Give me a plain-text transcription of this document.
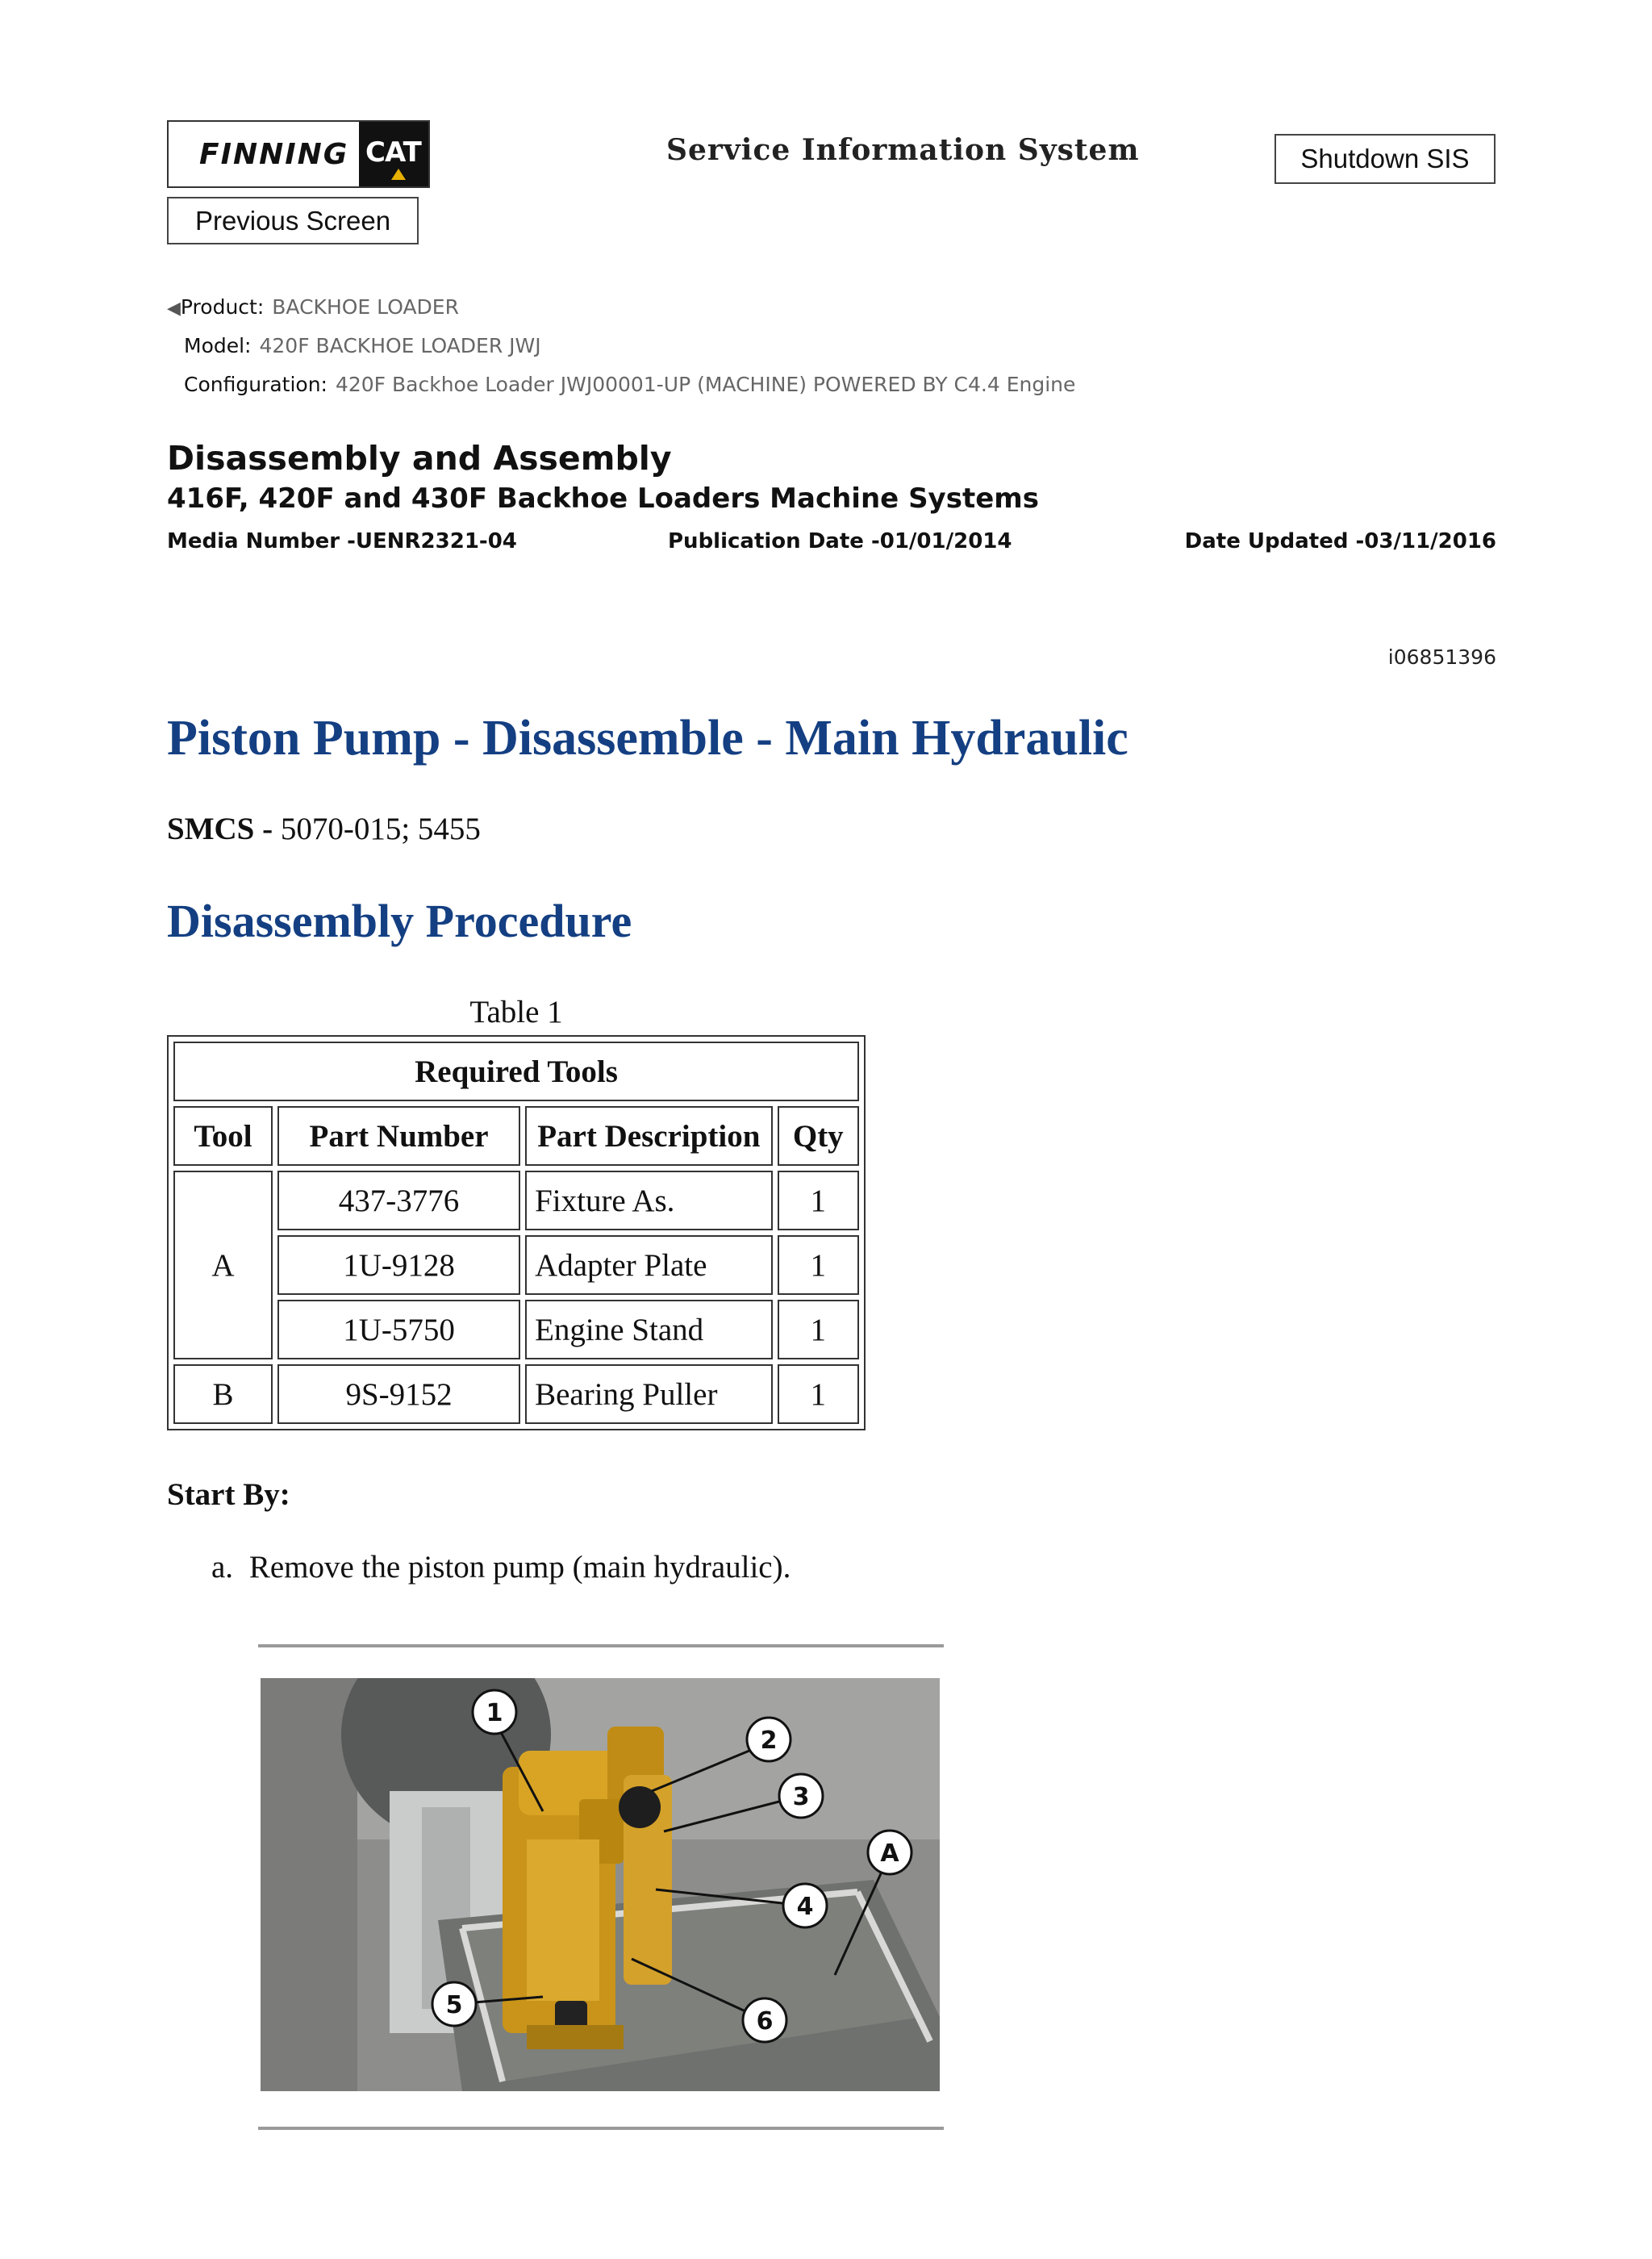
FINNING CAT	Service Information System	Shutdown SIS
Previous Screen
◀Product: BACKHOE LOADER
Model: 420F BACKHOE LOADER JWJ
Configuration: 420F Backhoe Loader JWJ00001-UP (MACHINE) POWERED BY C4.4 Engine
Disassembly and Assembly
416F, 420F and 430F Backhoe Loaders Machine Systems
Media Number -UENR2321-04	Publication Date -01/01/2014	Date Updated -03/11/2016
i06851396
Piston Pump - Disassemble - Main Hydraulic
SMCS - 5070-015; 5455
Disassembly Procedure
Table 1
Required Tools			
Tool	Part Number	Part Description	Qty
A	437-3776	Fixture As.	1
	1U-9128	Adapter Plate	1
	1U-5750	Engine Stand	1
B	9S-9152	Bearing Puller	1
Start By:
a. Remove the piston pump (main hydraulic).
1
2
3
A
4
5
6
